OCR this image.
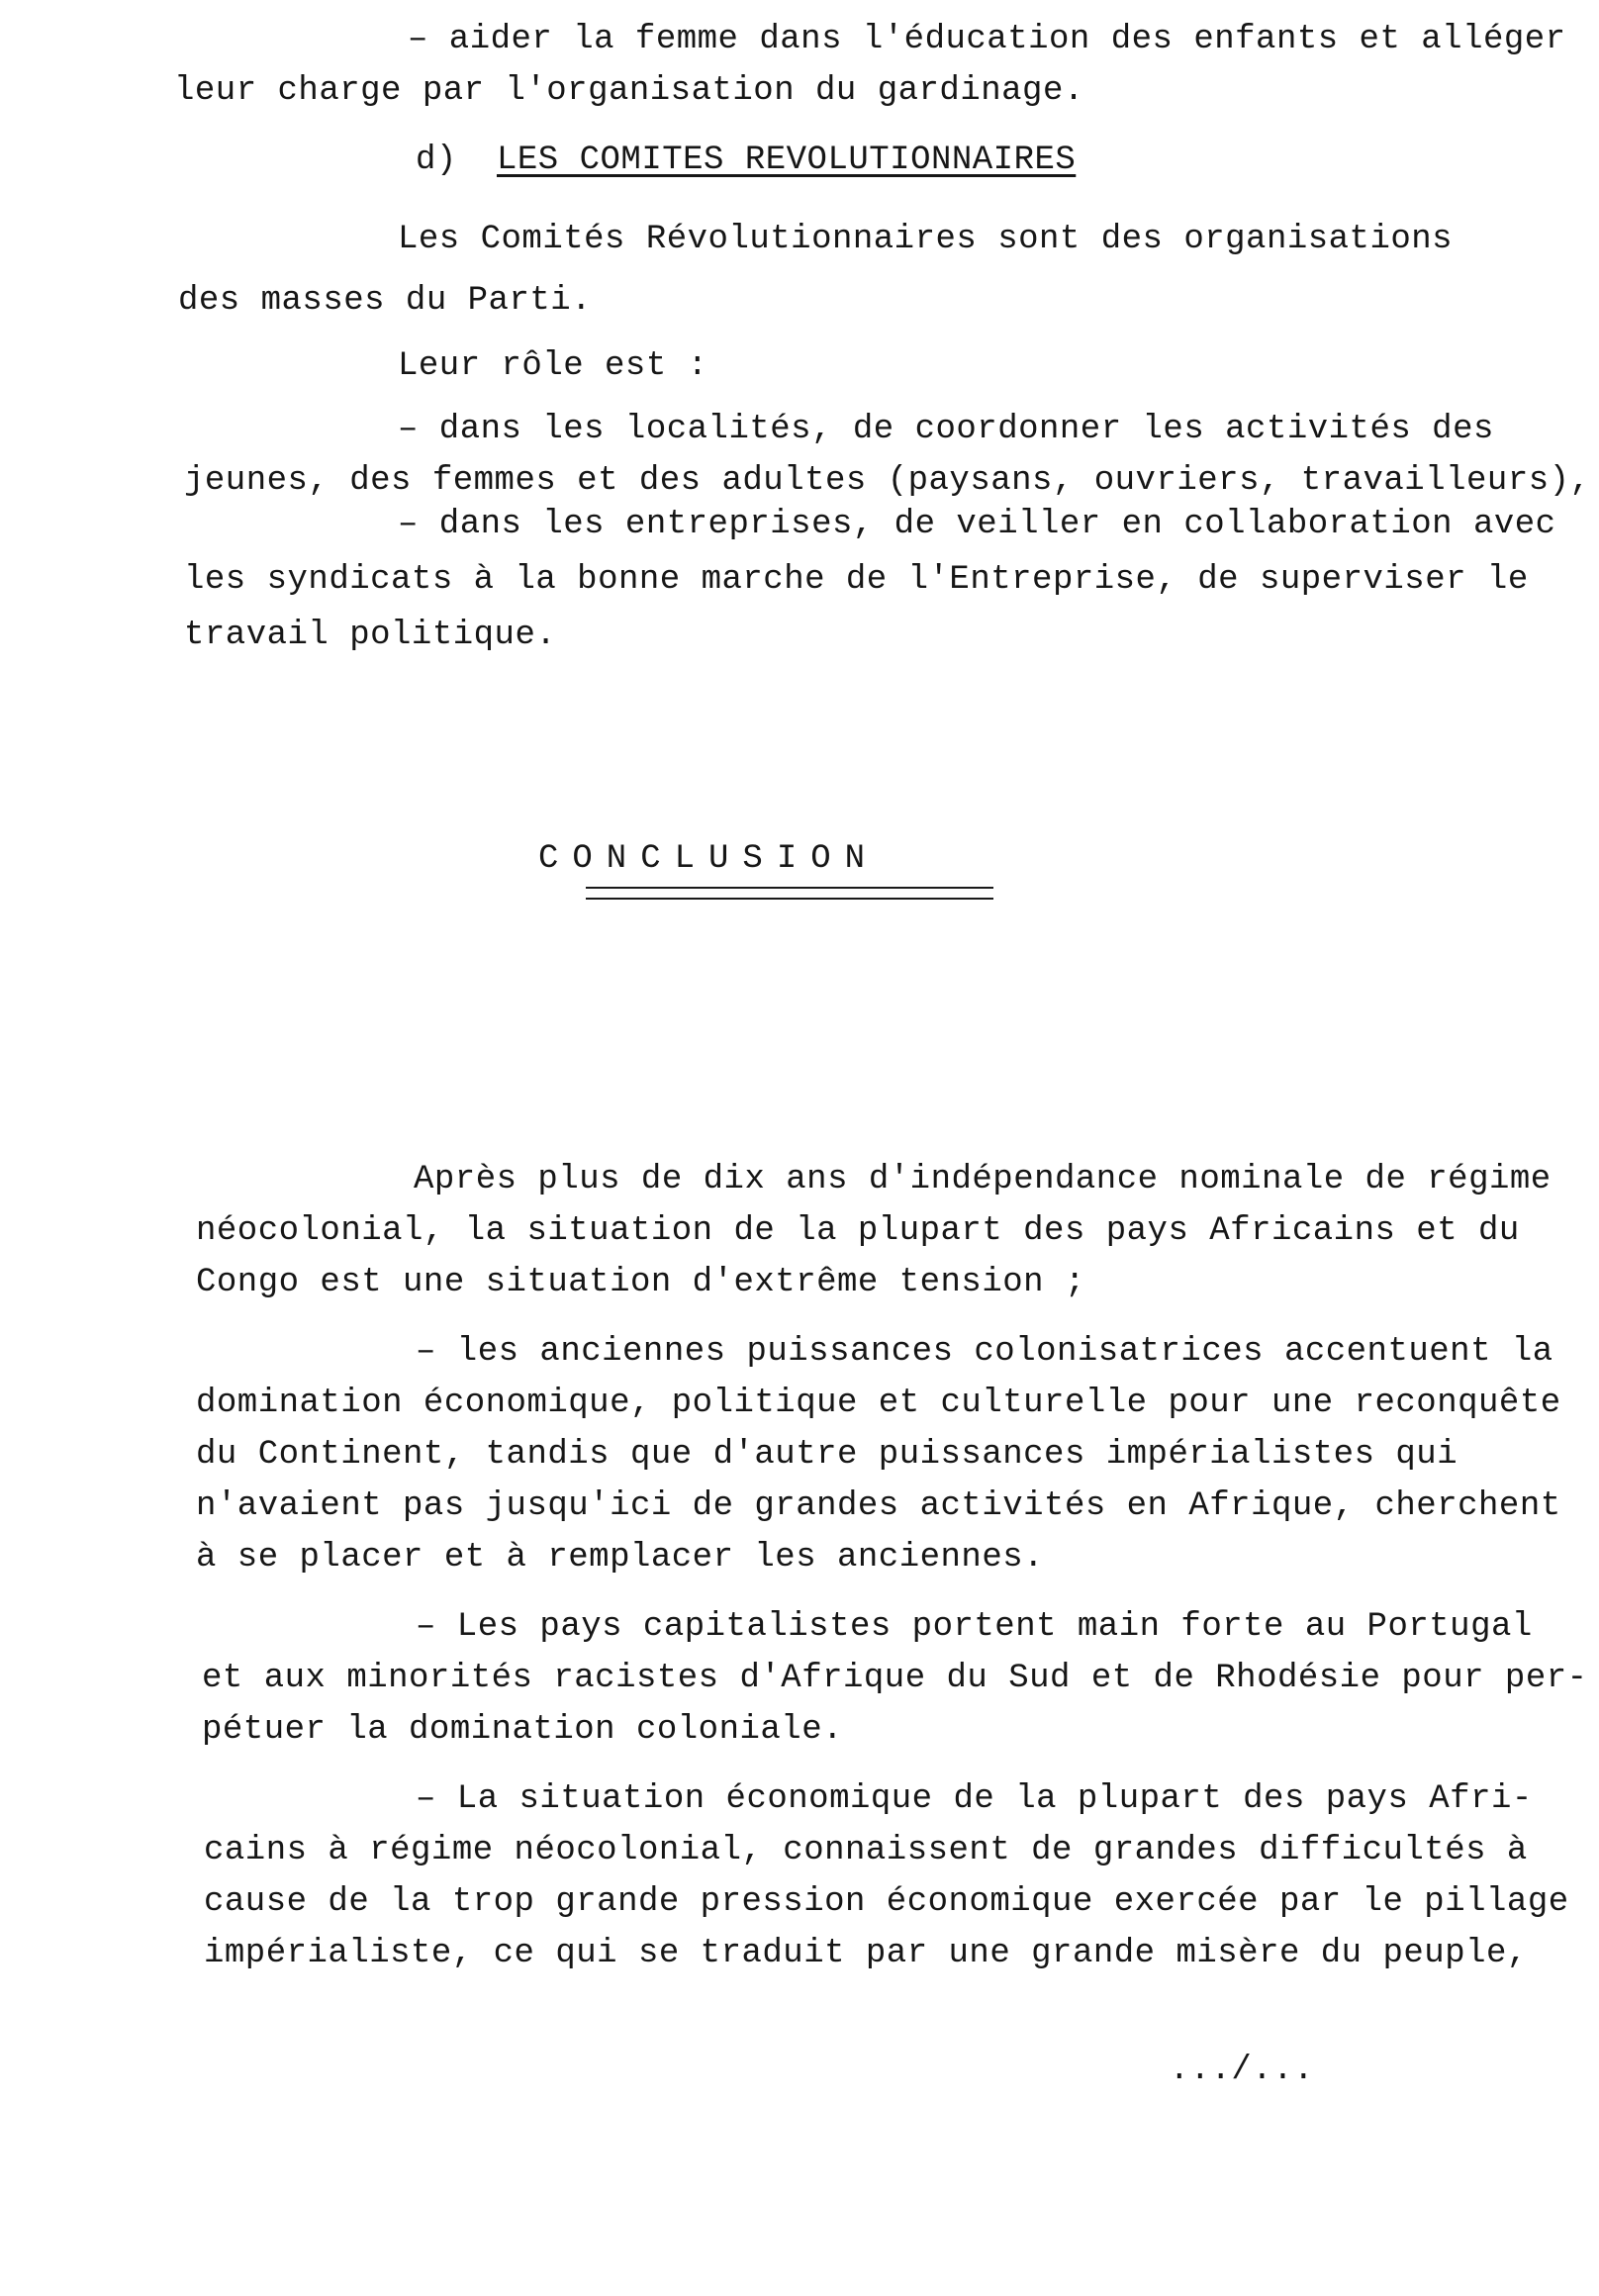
– aider la femme dans l'éducation des enfants et alléger
leur charge par l'organisation du gardinage.
d) LES COMITES REVOLUTIONNAIRES
Les Comités Révolutionnaires sont des organisations
des masses du Parti.
Leur rôle est :
– dans les localités, de coordonner les activités des
jeunes, des femmes et des adultes (paysans, ouvriers, travailleurs),
– dans les entreprises, de veiller en collaboration avec
les syndicats à la bonne marche de l'Entreprise, de superviser le
travail politique.
CONCLUSION
Après plus de dix ans d'indépendance nominale de régime
néocolonial, la situation de la plupart des pays Africains et du
Congo est une situation d'extrême tension ;
– les anciennes puissances colonisatrices accentuent la
domination économique, politique et culturelle pour une reconquête
du Continent, tandis que d'autre puissances impérialistes qui
n'avaient pas jusqu'ici de grandes activités en Afrique, cherchent
à se placer et à remplacer les anciennes.
– Les pays capitalistes portent main forte au Portugal
et aux minorités racistes d'Afrique du Sud et de Rhodésie pour per-
pétuer la domination coloniale.
– La situation économique de la plupart des pays Afri-
cains à régime néocolonial, connaissent de grandes difficultés à
cause de la trop grande pression économique exercée par le pillage
impérialiste, ce qui se traduit par une grande misère du peuple,
.../...
